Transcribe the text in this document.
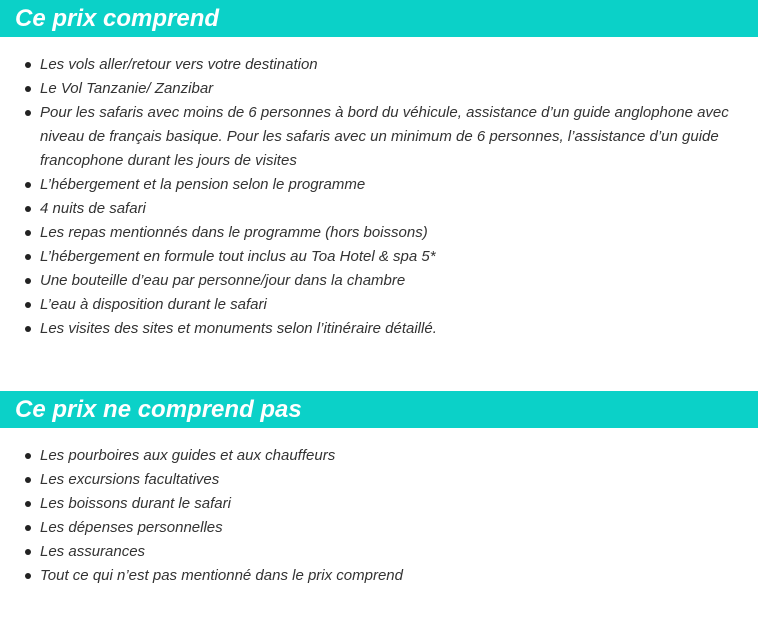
Ce prix comprend
Les vols aller/retour vers votre destination
Le Vol Tanzanie/ Zanzibar
Pour les safaris avec moins de 6 personnes à bord du véhicule, assistance d’un guide anglophone avec niveau de français basique. Pour les safaris avec un minimum de 6 personnes, l’assistance d’un guide francophone durant les jours de visites
L’hébergement et la pension selon le programme
4 nuits de safari
Les repas mentionnés dans le programme (hors boissons)
L’hébergement en formule tout inclus au Toa Hotel & spa 5*
Une bouteille d’eau par personne/jour dans la chambre
L’eau à disposition durant le safari
Les visites des sites et monuments selon l’itinéraire détaillé.
Ce prix ne comprend pas
Les pourboires aux guides et aux chauffeurs
Les excursions facultatives
Les boissons durant le safari
Les dépenses personnelles
Les assurances
Tout ce qui n’est pas mentionné dans le prix comprend
